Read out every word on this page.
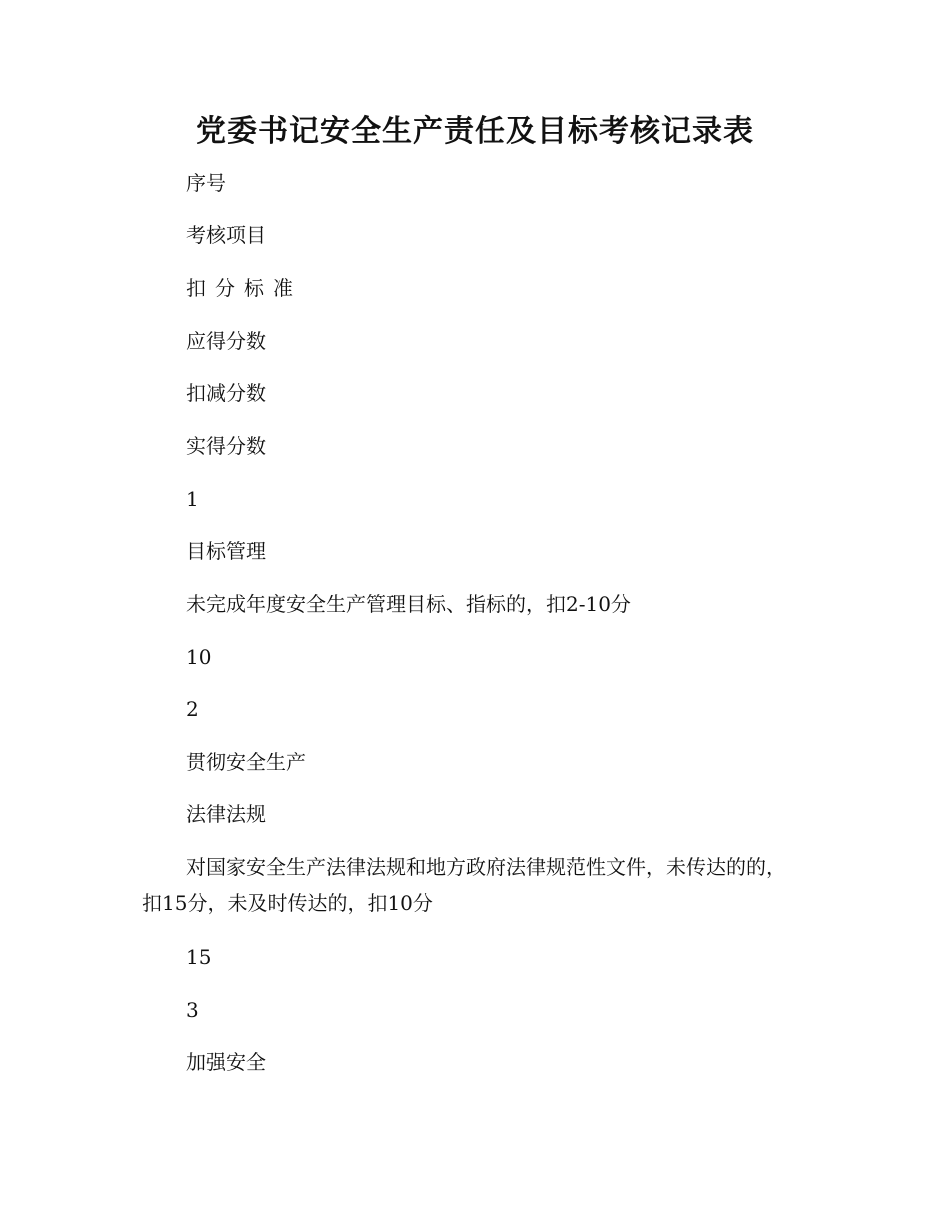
党委书记安全生产责任及目标考核记录表

序号

考核项目

扣分标准

应得分数

扣减分数

实得分数

1

目标管理

未完成年度安全生产管理目标、指标的，扣2-10分

10

2

贯彻安全生产

法律法规

对国家安全生产法律法规和地方政府法律规范性文件，未传达的的，扣15分，未及时传达的，扣10分

15

3

加强安全
